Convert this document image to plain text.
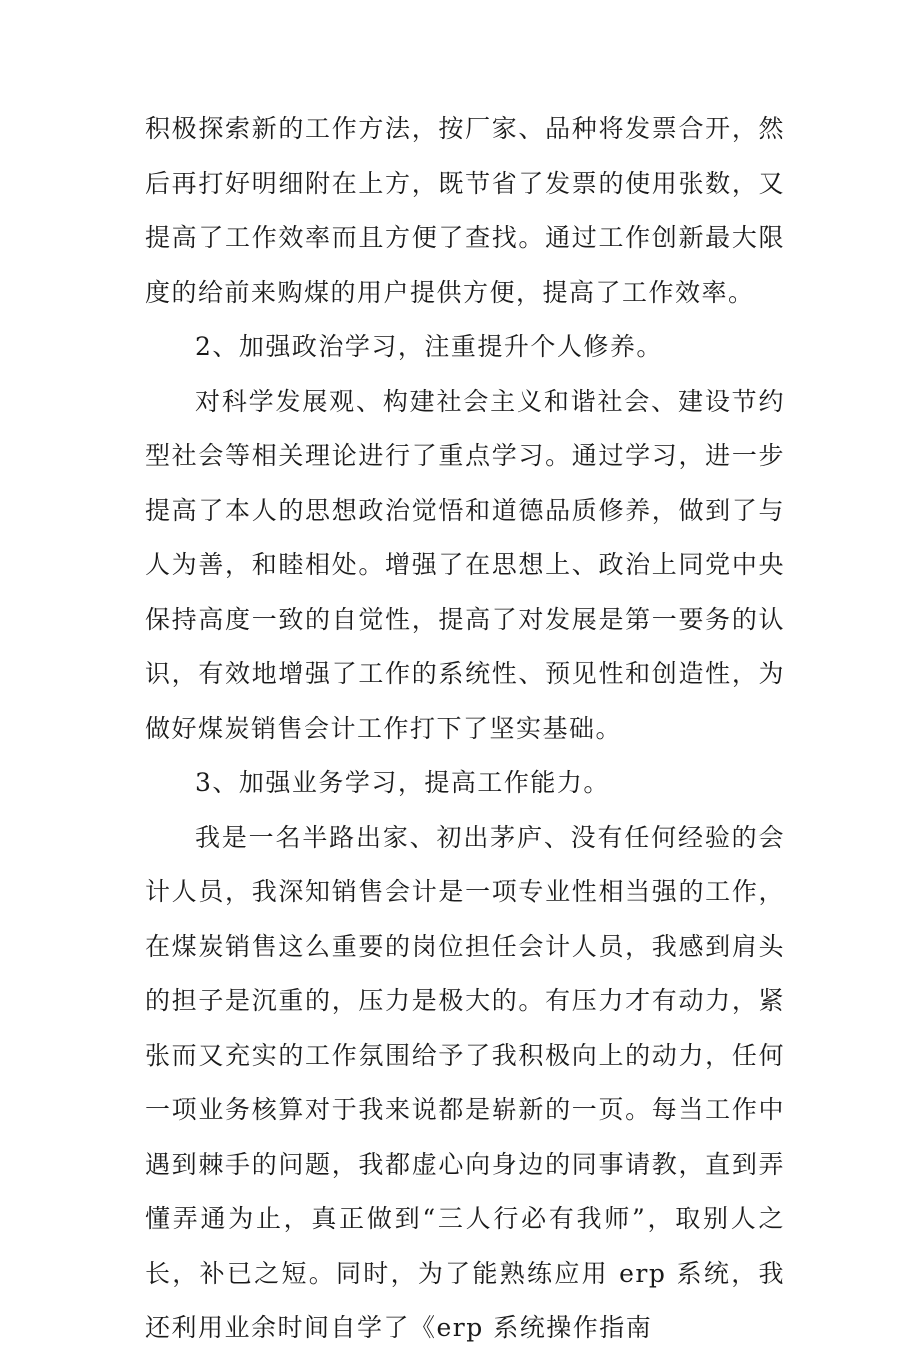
积极探索新的工作方法，按厂家、品种将发票合开，然后再打好明细附在上方，既节省了发票的使用张数，又提高了工作效率而且方便了查找。通过工作创新最大限度的给前来购煤的用户提供方便，提高了工作效率。

2、加强政治学习，注重提升个人修养。

对科学发展观、构建社会主义和谐社会、建设节约型社会等相关理论进行了重点学习。通过学习，进一步提高了本人的思想政治觉悟和道德品质修养，做到了与人为善，和睦相处。增强了在思想上、政治上同党中央保持高度一致的自觉性，提高了对发展是第一要务的认识，有效地增强了工作的系统性、预见性和创造性，为做好煤炭销售会计工作打下了坚实基础。

3、加强业务学习，提高工作能力。

我是一名半路出家、初出茅庐、没有任何经验的会计人员，我深知销售会计是一项专业性相当强的工作，在煤炭销售这么重要的岗位担任会计人员，我感到肩头的担子是沉重的，压力是极大的。有压力才有动力，紧张而又充实的工作氛围给予了我积极向上的动力，任何一项业务核算对于我来说都是崭新的一页。每当工作中遇到棘手的问题，我都虚心向身边的同事请教，直到弄懂弄通为止，真正做到“三人行必有我师”，取别人之长，补已之短。同时，为了能熟练应用 erp 系统，我还利用业余时间自学了《erp 系统操作指南
